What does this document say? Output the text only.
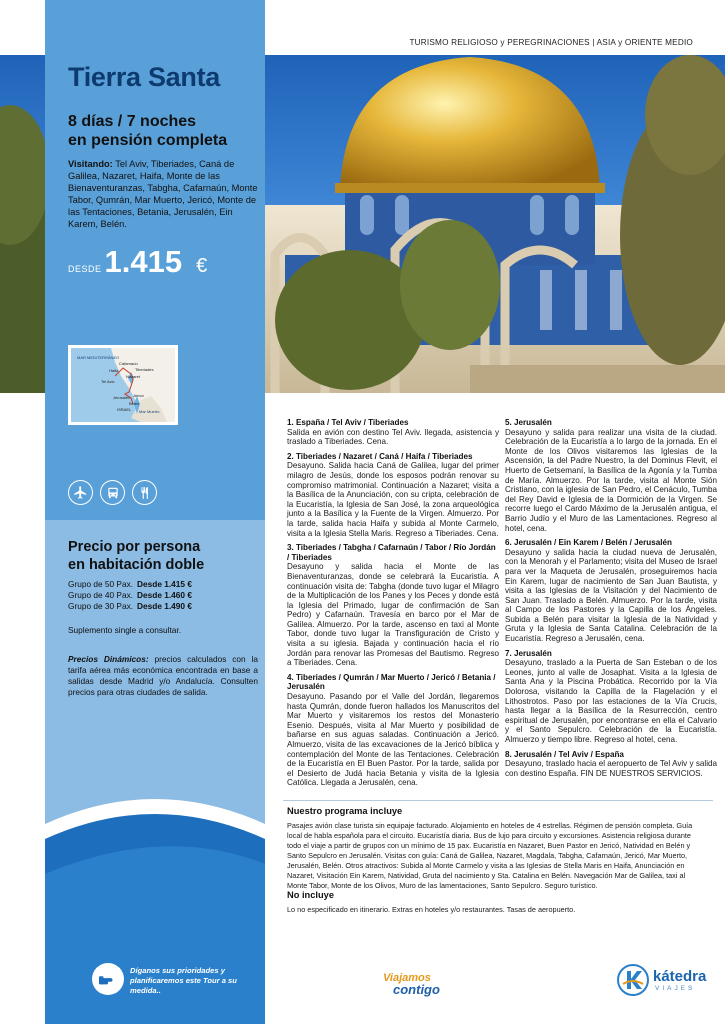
TURISMO RELIGIOSO y PEREGRINACIONES | ASIA y ORIENTE MEDIO
Tierra Santa
8 días / 7 noches
en pensión completa
Visitando: Tel Aviv, Tiberiades, Caná de Galilea, Nazaret, Haifa, Monte de las Bienaventuranzas, Tabgha, Cafarnaún, Monte Tabor, Qumrán, Mar Muerto, Jericó, Monte de las Tentaciones, Betania, Jerusalén, Ein Karem, Belén.
DESDE 1.415 €
MAR MEDITERRÁNEO
Cafarnaún
Haifa
Nazaret
Tiberiades
Tel Aviv
Jerusalén Jericó
Belén
Mar Muerto
ISRAEL
Precio por persona
en habitación doble
Grupo de 50 Pax. Desde 1.415 €
Grupo de 40 Pax. Desde 1.460 €
Grupo de 30 Pax. Desde 1.490 €
Suplemento single a consultar.
Precios Dinámicos: precios calculados con la tarifa aérea más económica encontrada en base a salidas desde Madrid y/o Andalucía. Consulten precios para otras ciudades de salida.
Díganos sus prioridades y planificaremos este Tour a su medida..
1. España / Tel Aviv / Tiberiades

Salida en avión con destino Tel Aviv. llegada, asistencia y traslado a Tiberiades. Cena.

2. Tiberiades / Nazaret / Caná / Haifa / Tiberiades

Desayuno. Salida hacia Caná de Galilea, lugar del primer milagro de Jesús, donde los esposos podrán renovar su compromiso matrimonial. Continuación a Nazaret; visita a la Basílica de la Anunciación, con su cripta, celebración de la Eucaristía, la Iglesia de San José, la zona arqueológica junto a la Basílica y la Fuente de la Virgen. Almuerzo. Por la tarde, salida hacia Haifa y subida al Monte Carmelo, visita a la Iglesia Stella Maris. Regreso a Tiberiades. Cena.

3. Tiberiades / Tabgha / Cafarnaún / Tabor / Río Jordán / Tiberiades

Desayuno y salida hacia el Monte de las Bienaventuranzas, donde se celebrará la Eucaristía. A continuación visita de: Tabgha (donde tuvo lugar el Milagro de la Multiplicación de los Panes y los Peces y donde está la Iglesia del Primado, lugar de confirmación de San Pedro) y Cafarnaún. Travesía en barco por el Mar de Galilea. Almuerzo. Por la tarde, ascenso en taxi al Monte Tabor, donde tuvo lugar la Transfiguración de Cristo y visita a su iglesia. Bajada y continuación hacia el río Jordán para renovar las Promesas del Bautismo. Regreso a Tiberiades. Cena.

4. Tiberiades / Qumrán / Mar Muerto / Jericó / Betania / Jerusalén

Desayuno. Pasando por el Valle del Jordán, llegaremos hasta Qumrán, donde fueron hallados los Manuscritos del Mar Muerto y visitaremos los restos del Monasterio Esenio. Después, visita al Mar Muerto y posibilidad de bañarse en sus aguas saladas. Continuación a Jericó. Almuerzo, visita de las excavaciones de la Jericó bíblica y contemplación del Monte de las Tentaciones. Celebración de la Eucaristía en El Buen Pastor. Por la tarde, salida por el Desierto de Judá hacia Betania y visita de la Iglesia Católica. Llegada a Jerusalén, cena.

5. Jerusalén

Desayuno y salida para realizar una visita de la ciudad. Celebración de la Eucaristía a lo largo de la jornada. En el Monte de los Olivos visitaremos las Iglesias de la Ascensión, la del Padre Nuestro, la del Dominus Flevit, el Huerto de Getsemaní, la Basílica de la Agonía y la Tumba de María. Almuerzo. Por la tarde, visita al Monte Sión Cristiano, con la iglesia de San Pedro, el Cenáculo, Tumba del Rey David e Iglesia de la Dormición de la Virgen. Se recorre luego el Cardo Máximo de la Jerusalén antigua, el Barrio Judío y el Muro de las Lamentaciones. Regreso al hotel, cena.

6. Jerusalén / Ein Karem / Belén / Jerusalén

Desayuno y salida hacia la ciudad nueva de Jerusalén, con la Menorah y el Parlamento; visita del Museo de Israel para ver la Maqueta de Jerusalén, proseguiremos hacia Ein Karem, lugar de nacimiento de San Juan Bautista, y visita a las Iglesias de la Visitación y del Nacimiento de San Juan. Traslado a Belén. Almuerzo. Por la tarde, visita al Campo de los Pastores y la Capilla de los Ángeles. Subida a Belén para visitar la Iglesia de la Natividad y Gruta y la Iglesia de Santa Catalina. Celebración de la Eucaristía. Regreso a Jerusalén, cena.

7. Jerusalén

Desayuno, traslado a la Puerta de San Esteban o de los Leones, junto al valle de Josaphat. Visita a la Iglesia de Santa Ana y la Piscina Probática. Recorrido por la Vía Dolorosa, visitando la Capilla de la Flagelación y el Lithostrotos. Paso por las estaciones de la Vía Crucis, hasta llegar a la Basílica de la Resurrección, centro espiritual de Jerusalén, por encontrarse en ella el Calvario y el Santo Sepulcro. Celebración de la Eucaristía. Almuerzo y tiempo libre. Regreso al hotel, cena.

8. Jerusalén / Tel Aviv / España

Desayuno, traslado hacia el aeropuerto de Tel Aviv y salida con destino España. FIN DE NUESTROS SERVICIOS.

Nuestro programa incluye

Pasajes avión clase turista sin equipaje facturado. Alojamiento en hoteles de 4 estrellas. Régimen de pensión completa. Guía local de habla española para el circuito. Eucaristía diaria. Bus de lujo para circuito y excursiones. Asistencia religiosa durante todo el viaje a partir de grupos con un mínimo de 15 pax. Eucaristía en Nazaret, Buen Pastor en Jericó, Natividad en Belén y Santo Sepulcro en Jerusalén. Visitas con guía: Caná de Galilea, Nazaret, Magdala, Tabgha, Cafarnaún, Jericó, Mar Muerto, Jerusalén, Belén. Otros atractivos: Subida al Monte Carmelo y visita a las Iglesias de Stella Maris en Haifa, Anunciación en Nazaret, Visitación Ein Karem, Natividad, Gruta del nacimiento y Sta. Catalina en Belén. Navegación Mar de Galilea, taxi al Monte Tabor, Monte de los Olivos, Muro de las lamentaciones, Santo Sepulcro. Seguro turístico.

No incluye

Lo no especificado en itinerario. Extras en hoteles y/o restaurantes. Tasas de aeropuerto.

Viajamos
contigo
kátedra
VIAJES
